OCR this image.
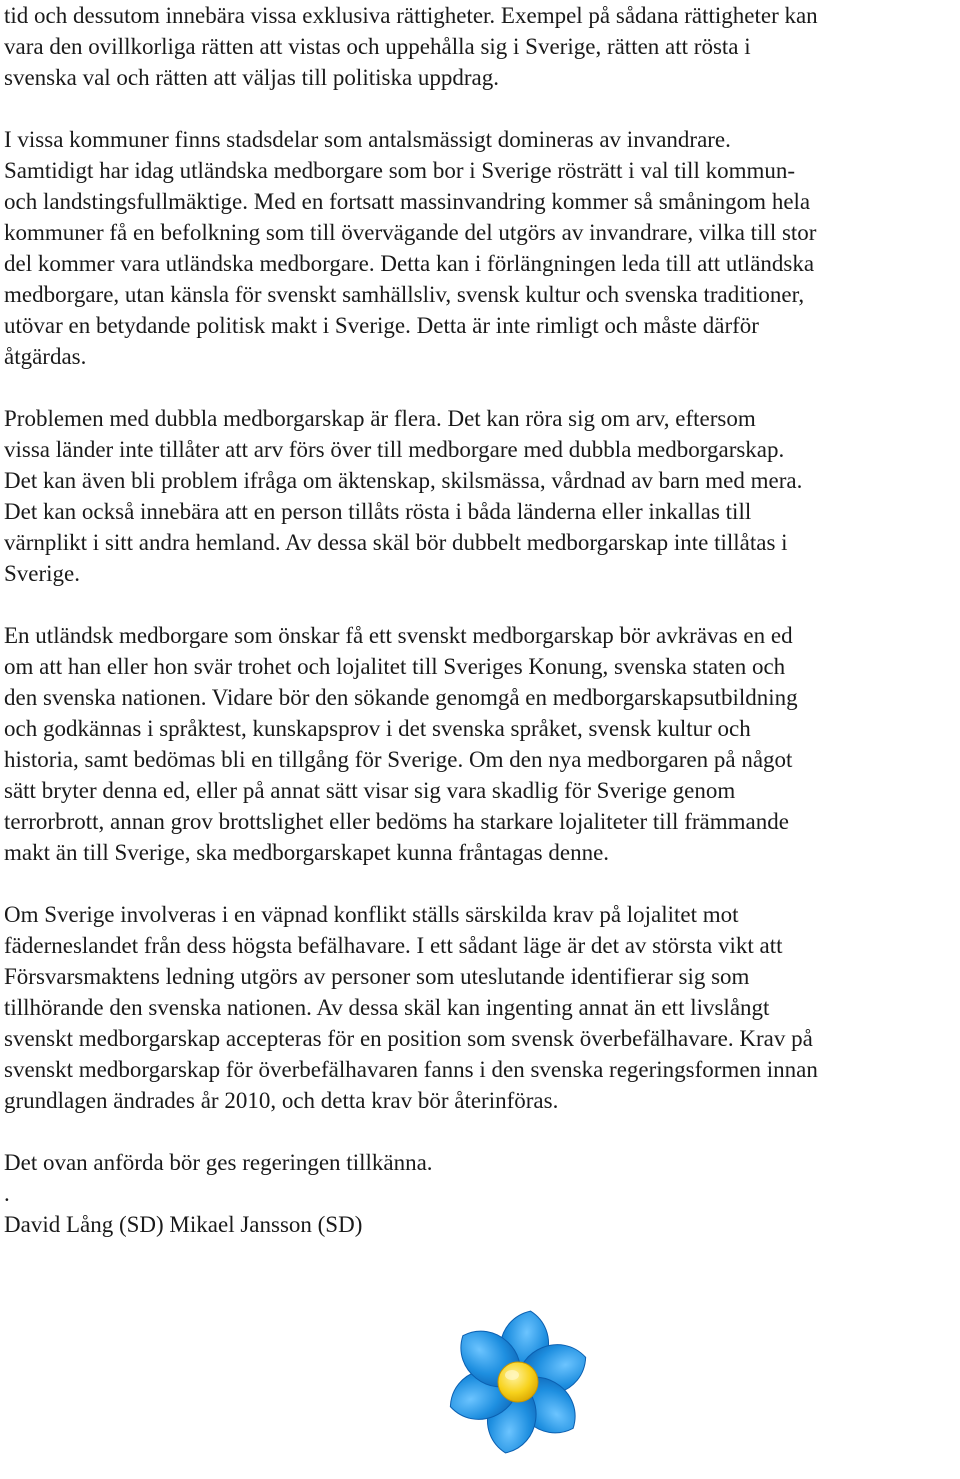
tid och dessutom innebära vissa exklusiva rättigheter. Exempel på sådana rättigheter kan
vara den ovillkorliga rätten att vistas och uppehålla sig i Sverige, rätten att rösta i
svenska val och rätten att väljas till politiska uppdrag.

I vissa kommuner finns stadsdelar som antalsmässigt domineras av invandrare.
Samtidigt har idag utländska medborgare som bor i Sverige rösträtt i val till kommun-
och landstingsfullmäktige. Med en fortsatt massinvandring kommer så småningom hela
kommuner få en befolkning som till övervägande del utgörs av invandrare, vilka till stor
del kommer vara utländska medborgare. Detta kan i förlängningen leda till att utländska
medborgare, utan känsla för svenskt samhällsliv, svensk kultur och svenska traditioner,
utövar en betydande politisk makt i Sverige. Detta är inte rimligt och måste därför
åtgärdas.

Problemen med dubbla medborgarskap är flera. Det kan röra sig om arv, eftersom
vissa länder inte tillåter att arv förs över till medborgare med dubbla medborgarskap.
Det kan även bli problem ifråga om äktenskap, skilsmässa, vårdnad av barn med mera.
Det kan också innebära att en person tillåts rösta i båda länderna eller inkallas till
värnplikt i sitt andra hemland. Av dessa skäl bör dubbelt medborgarskap inte tillåtas i
Sverige.

En utländsk medborgare som önskar få ett svenskt medborgarskap bör avkrävas en ed
om att han eller hon svär trohet och lojalitet till Sveriges Konung, svenska staten och
den svenska nationen. Vidare bör den sökande genomgå en medborgarskapsutbildning
och godkännas i språktest, kunskapsprov i det svenska språket, svensk kultur och
historia, samt bedömas bli en tillgång för Sverige. Om den nya medborgaren på något
sätt bryter denna ed, eller på annat sätt visar sig vara skadlig för Sverige genom
terrorbrott, annan grov brottslighet eller bedöms ha starkare lojaliteter till främmande
makt än till Sverige, ska medborgarskapet kunna fråntagas denne.

Om Sverige involveras i en väpnad konflikt ställs särskilda krav på lojalitet mot
fäderneslandet från dess högsta befälhavare. I ett sådant läge är det av största vikt att
Försvarsmaktens ledning utgörs av personer som uteslutande identifierar sig som
tillhörande den svenska nationen. Av dessa skäl kan ingenting annat än ett livslångt
svenskt medborgarskap accepteras för en position som svensk överbefälhavare. Krav på
svenskt medborgarskap för överbefälhavaren fanns i den svenska regeringsformen innan
grundlagen ändrades år 2010, och detta krav bör återinföras.

Det ovan anförda bör ges regeringen tillkänna.

.

David Lång (SD) Mikael Jansson (SD)
